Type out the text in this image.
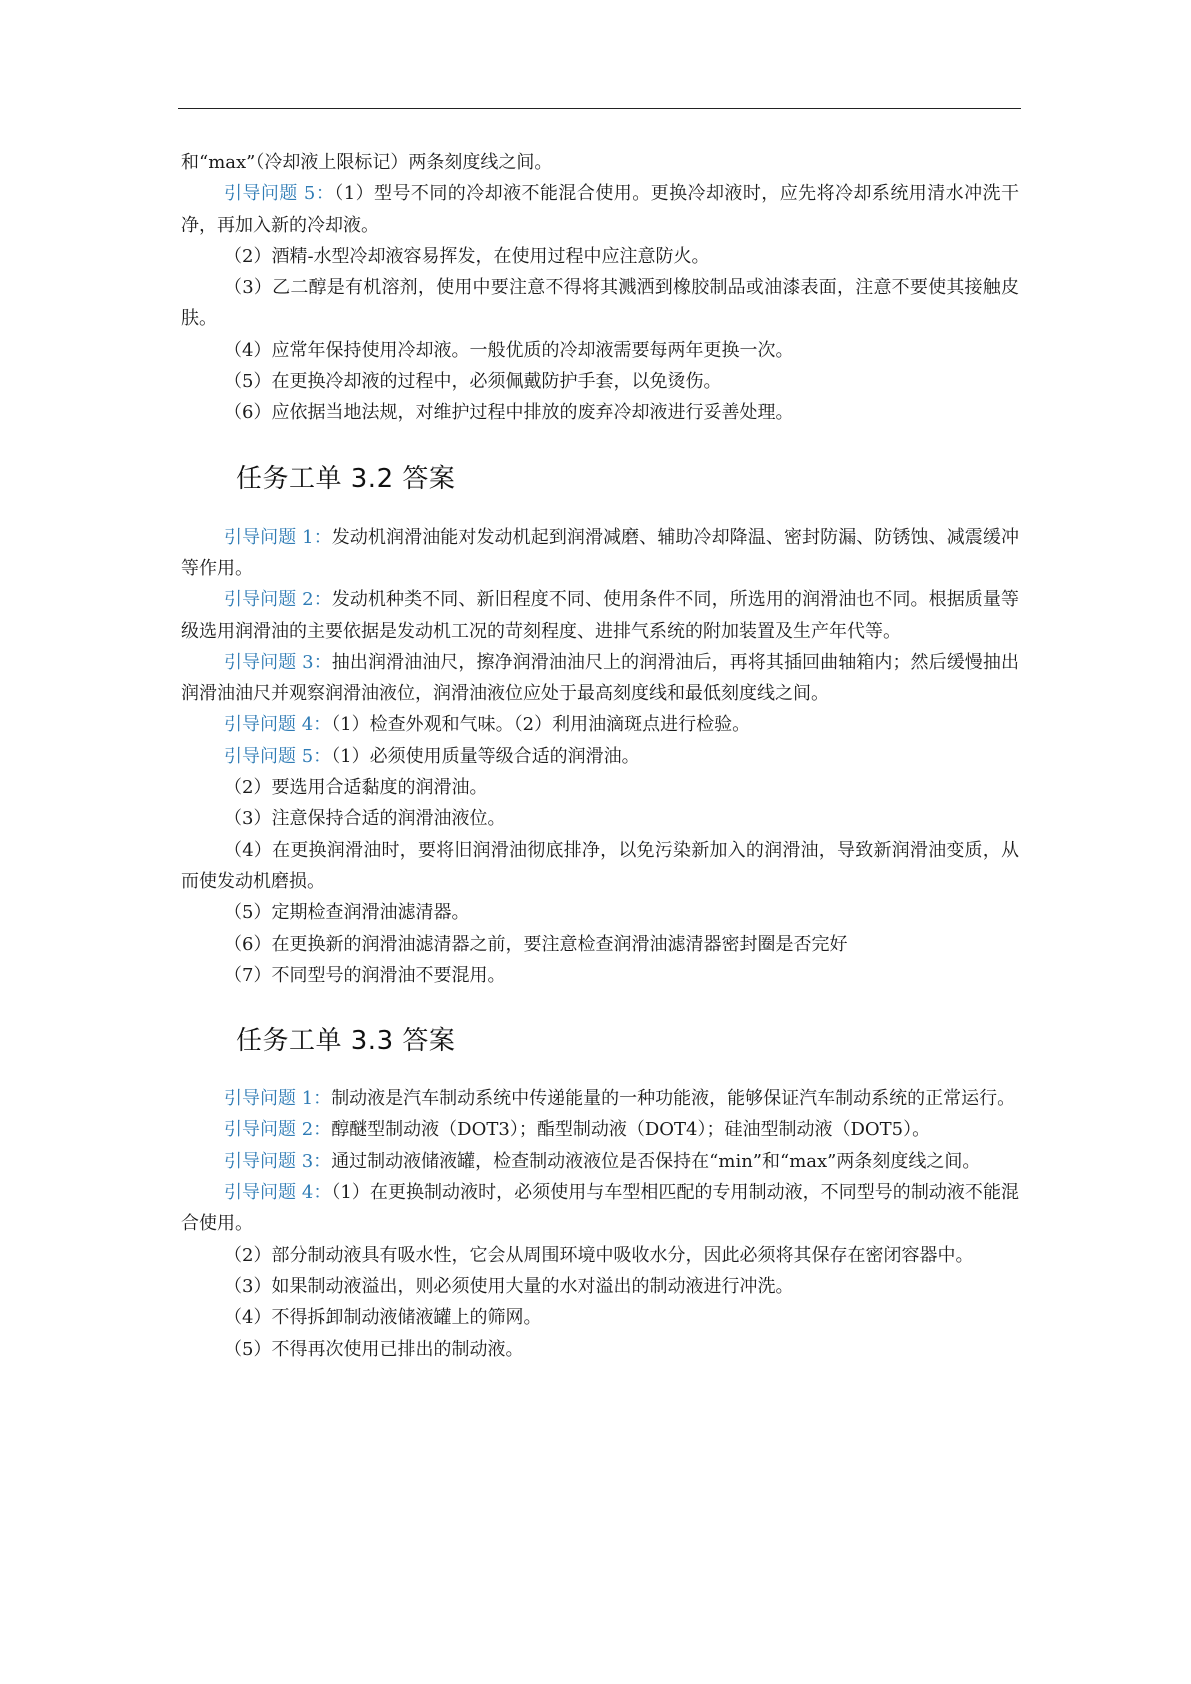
和“max”（冷却液上限标记）两条刻度线之间。

引导问题 5：（1）型号不同的冷却液不能混合使用。更换冷却液时，应先将冷却系统用清水冲洗干净，再加入新的冷却液。

（2）酒精-水型冷却液容易挥发，在使用过程中应注意防火。

（3）乙二醇是有机溶剂，使用中要注意不得将其溅洒到橡胶制品或油漆表面，注意不要使其接触皮肤。

（4）应常年保持使用冷却液。一般优质的冷却液需要每两年更换一次。

（5）在更换冷却液的过程中，必须佩戴防护手套，以免烫伤。

（6）应依据当地法规，对维护过程中排放的废弃冷却液进行妥善处理。

任务工单 3.2 答案

引导问题 1：发动机润滑油能对发动机起到润滑减磨、辅助冷却降温、密封防漏、防锈蚀、减震缓冲等作用。

引导问题 2：发动机种类不同、新旧程度不同、使用条件不同，所选用的润滑油也不同。根据质量等级选用润滑油的主要依据是发动机工况的苛刻程度、进排气系统的附加装置及生产年代等。

引导问题 3：抽出润滑油油尺，擦净润滑油油尺上的润滑油后，再将其插回曲轴箱内；然后缓慢抽出润滑油油尺并观察润滑油液位，润滑油液位应处于最高刻度线和最低刻度线之间。

引导问题 4：（1）检查外观和气味。（2）利用油滴斑点进行检验。

引导问题 5：（1）必须使用质量等级合适的润滑油。

（2）要选用合适黏度的润滑油。

（3）注意保持合适的润滑油液位。

（4）在更换润滑油时，要将旧润滑油彻底排净，以免污染新加入的润滑油，导致新润滑油变质，从而使发动机磨损。

（5）定期检查润滑油滤清器。

（6）在更换新的润滑油滤清器之前，要注意检查润滑油滤清器密封圈是否完好

（7）不同型号的润滑油不要混用。

任务工单 3.3 答案

引导问题 1：制动液是汽车制动系统中传递能量的一种功能液，能够保证汽车制动系统的正常运行。

引导问题 2：醇醚型制动液（DOT3）；酯型制动液（DOT4）；硅油型制动液（DOT5）。

引导问题 3：通过制动液储液罐，检查制动液液位是否保持在“min”和“max”两条刻度线之间。

引导问题 4：（1）在更换制动液时，必须使用与车型相匹配的专用制动液，不同型号的制动液不能混合使用。

（2）部分制动液具有吸水性，它会从周围环境中吸收水分，因此必须将其保存在密闭容器中。

（3）如果制动液溢出，则必须使用大量的水对溢出的制动液进行冲洗。

（4）不得拆卸制动液储液罐上的筛网。

（5）不得再次使用已排出的制动液。
